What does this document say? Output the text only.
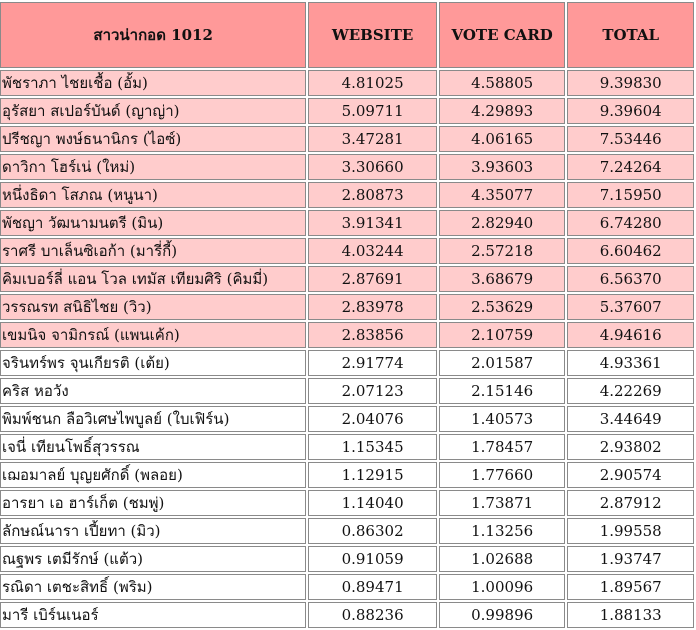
สาวน่ากอด 1012	WEBSITE	VOTE CARD	TOTAL
พัชราภา ไชยเชื้อ (อั้ม)	4.81025	4.58805	9.39830
อุรัสยา สเปอร์บันด์ (ญาญ่า)	5.09711	4.29893	9.39604
ปรีชญา พงษ์ธนานิกร (ไอซ์)	3.47281	4.06165	7.53446
ดาวิกา โฮร์เน่ (ใหม่)	3.30660	3.93603	7.24264
หนึ่งธิดา โสภณ (หนูนา)	2.80873	4.35077	7.15950
พัชญา วัฒนามนตรี (มิน)	3.91341	2.82940	6.74280
ราศรี บาเล็นซิเอก้า (มารี่กี้)	4.03244	2.57218	6.60462
คิมเบอร์ลี่ แอน โวล เทมัส เทียมศิริ (คิมมี่)	2.87691	3.68679	6.56370
วรรณรท สนิธิไชย (วิว)	2.83978	2.53629	5.37607
เขมนิจ จามิกรณ์ (แพนเค้ก)	2.83856	2.10759	4.94616
จรินทร์พร จุนเกียรติ (เต้ย)	2.91774	2.01587	4.93361
คริส หอวัง	2.07123	2.15146	4.22269
พิมพ์ชนก ลือวิเศษไพบูลย์ (ใบเฟิร์น)	2.04076	1.40573	3.44649
เจนี่ เทียนโพธิ์สุวรรณ	1.15345	1.78457	2.93802
เฌอมาลย์ บุญยศักดิ์ (พลอย)	1.12915	1.77660	2.90574
อารยา เอ ฮาร์เก็ต (ชมพู่)	1.14040	1.73871	2.87912
ลักษณ์นารา เปี้ยทา (มิว)	0.86302	1.13256	1.99558
ณฐพร เตมีรักษ์ (แต้ว)	0.91059	1.02688	1.93747
รณิดา เตชะสิทธิ์ (พริม)	0.89471	1.00096	1.89567
มารี เบิร์นเนอร์	0.88236	0.99896	1.88133
